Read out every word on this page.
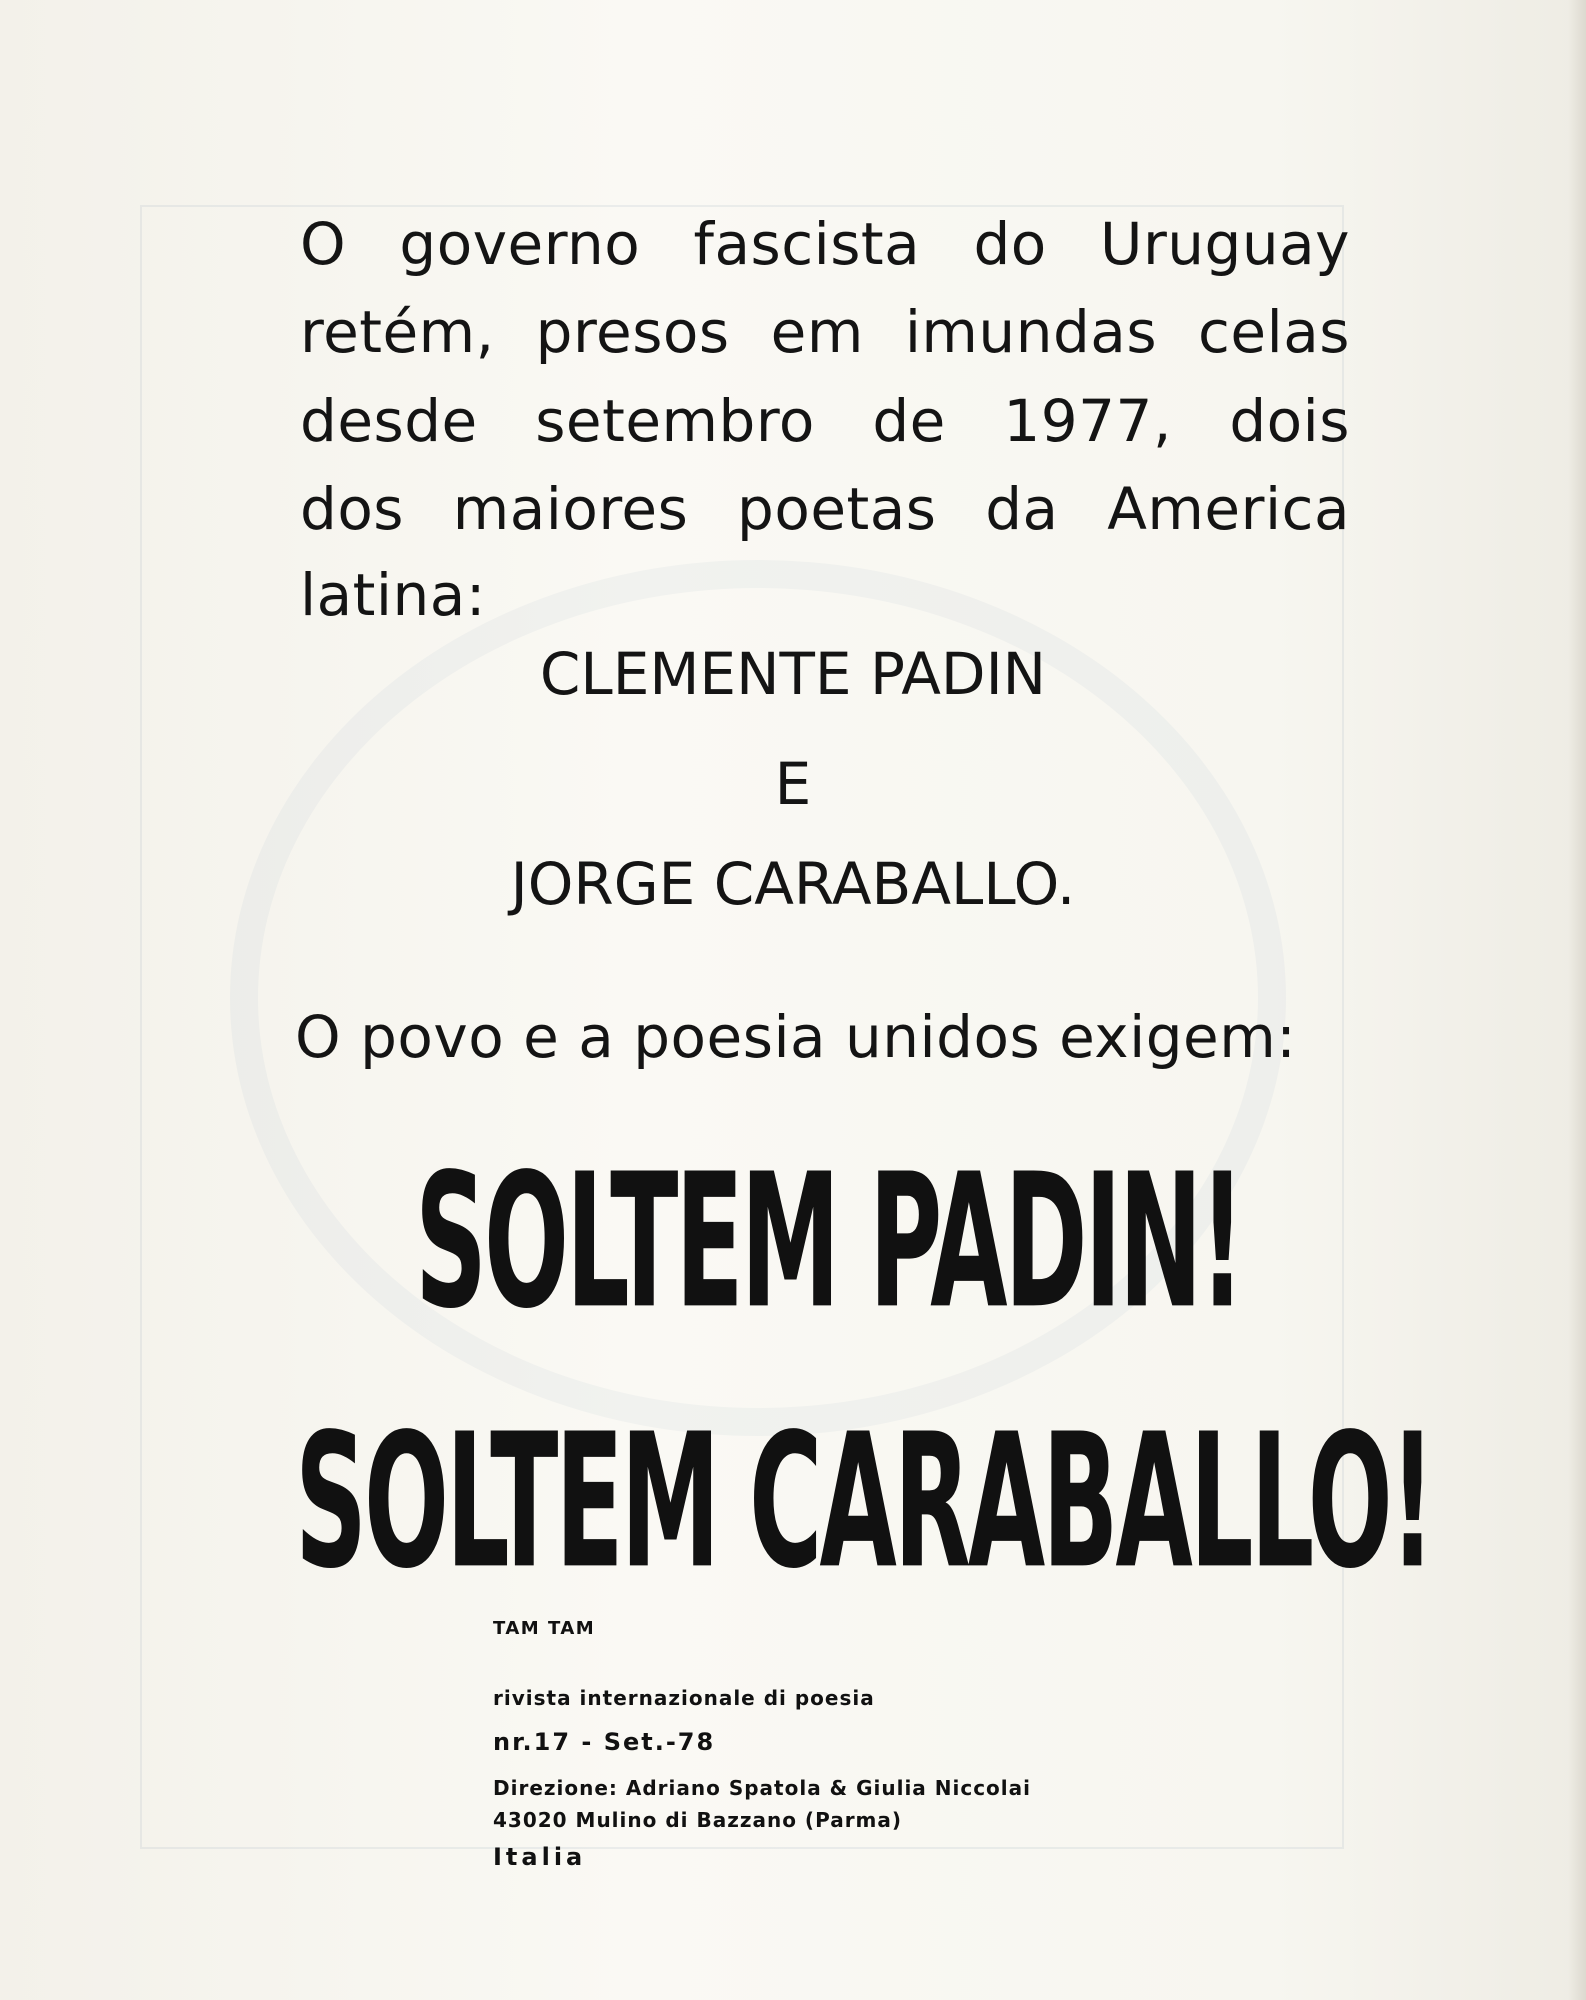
O governo fascista do Uruguay
retém, presos em imundas celas
desde setembro de 1977, dois
dos maiores poetas da America
latina:
CLEMENTE PADIN
E
JORGE CARABALLO.
O povo e a poesia unidos exigem:
SOLTEM PADIN!
SOLTEM CARABALLO!
TAM TAM
rivista internazionale di poesia
nr.17 - Set.-78
Direzione: Adriano Spatola & Giulia Niccolai
43020 Mulino di Bazzano (Parma)
Italia
